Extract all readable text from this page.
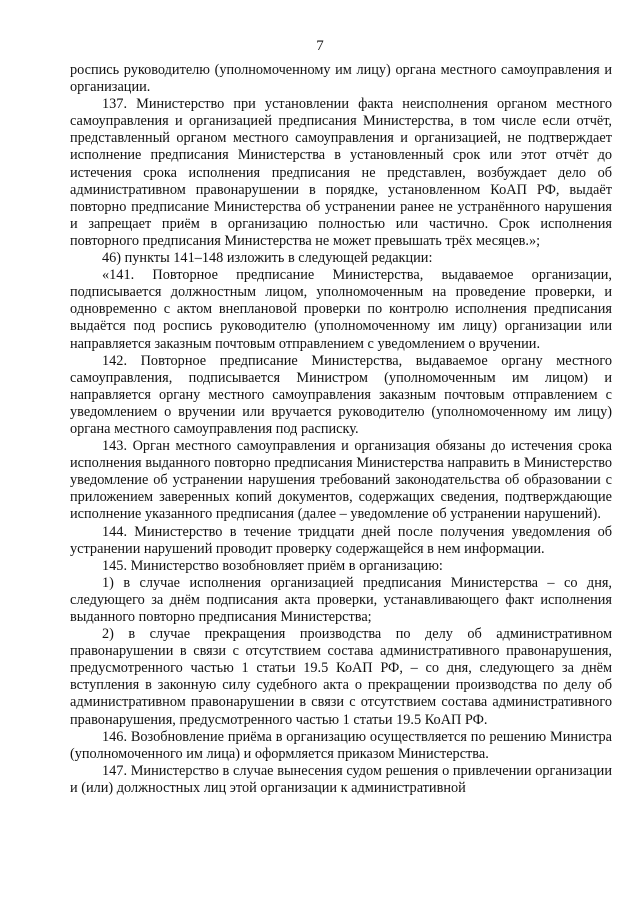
7

роспись руководителю (уполномоченному им лицу) органа местного самоуправления и организации.

137. Министерство при установлении факта неисполнения органом местного самоуправления и организацией предписания Министерства, в том числе если отчёт, представленный органом местного самоуправления и организацией, не подтверждает исполнение предписания Министерства в установленный срок или этот отчёт до истечения срока исполнения предписания не представлен, возбуждает дело об административном правонарушении в порядке, установленном КоАП РФ, выдаёт повторно предписание Министерства об устранении ранее не устранённого нарушения и запрещает приём в организацию полностью или частично. Срок исполнения повторного предписания Министерства не может превышать трёх месяцев.»;

46) пункты 141–148 изложить в следующей редакции:

«141. Повторное предписание Министерства, выдаваемое организации, подписывается должностным лицом, уполномоченным на проведение проверки, и одновременно с актом внеплановой проверки по контролю исполнения предписания выдаётся под роспись руководителю (уполномоченному им лицу) организации или направляется заказным почтовым отправлением с уведомлением о вручении.

142. Повторное предписание Министерства, выдаваемое органу местного самоуправления, подписывается Министром (уполномоченным им лицом) и направляется органу местного самоуправления заказным почтовым отправлением с уведомлением о вручении или вручается руководителю (уполномоченному им лицу) органа местного самоуправления под расписку.

143. Орган местного самоуправления и организация обязаны до истечения срока исполнения выданного повторно предписания Министерства направить в Министерство уведомление об устранении нарушения требований законодательства об образовании с приложением заверенных копий документов, содержащих сведения, подтверждающие исполнение указанного предписания (далее – уведомление об устранении нарушений).

144. Министерство в течение тридцати дней после получения уведомления об устранении нарушений проводит проверку содержащейся в нем информации.

145. Министерство возобновляет приём в организацию:

1) в случае исполнения организацией предписания Министерства – со дня, следующего за днём подписания акта проверки, устанавливающего факт исполнения выданного повторно предписания Министерства;

2) в случае прекращения производства по делу об административном правонарушении в связи с отсутствием состава административного правонарушения, предусмотренного частью 1 статьи 19.5 КоАП РФ, – со дня, следующего за днём вступления в законную силу судебного акта о прекращении производства по делу об административном правонарушении в связи с отсутствием состава административного правонарушения, предусмотренного частью 1 статьи 19.5 КоАП РФ.

146. Возобновление приёма в организацию осуществляется по решению Министра (уполномоченного им лица) и оформляется приказом Министерства.

147. Министерство в случае вынесения судом решения о привлечении организации и (или) должностных лиц этой организации к административной
